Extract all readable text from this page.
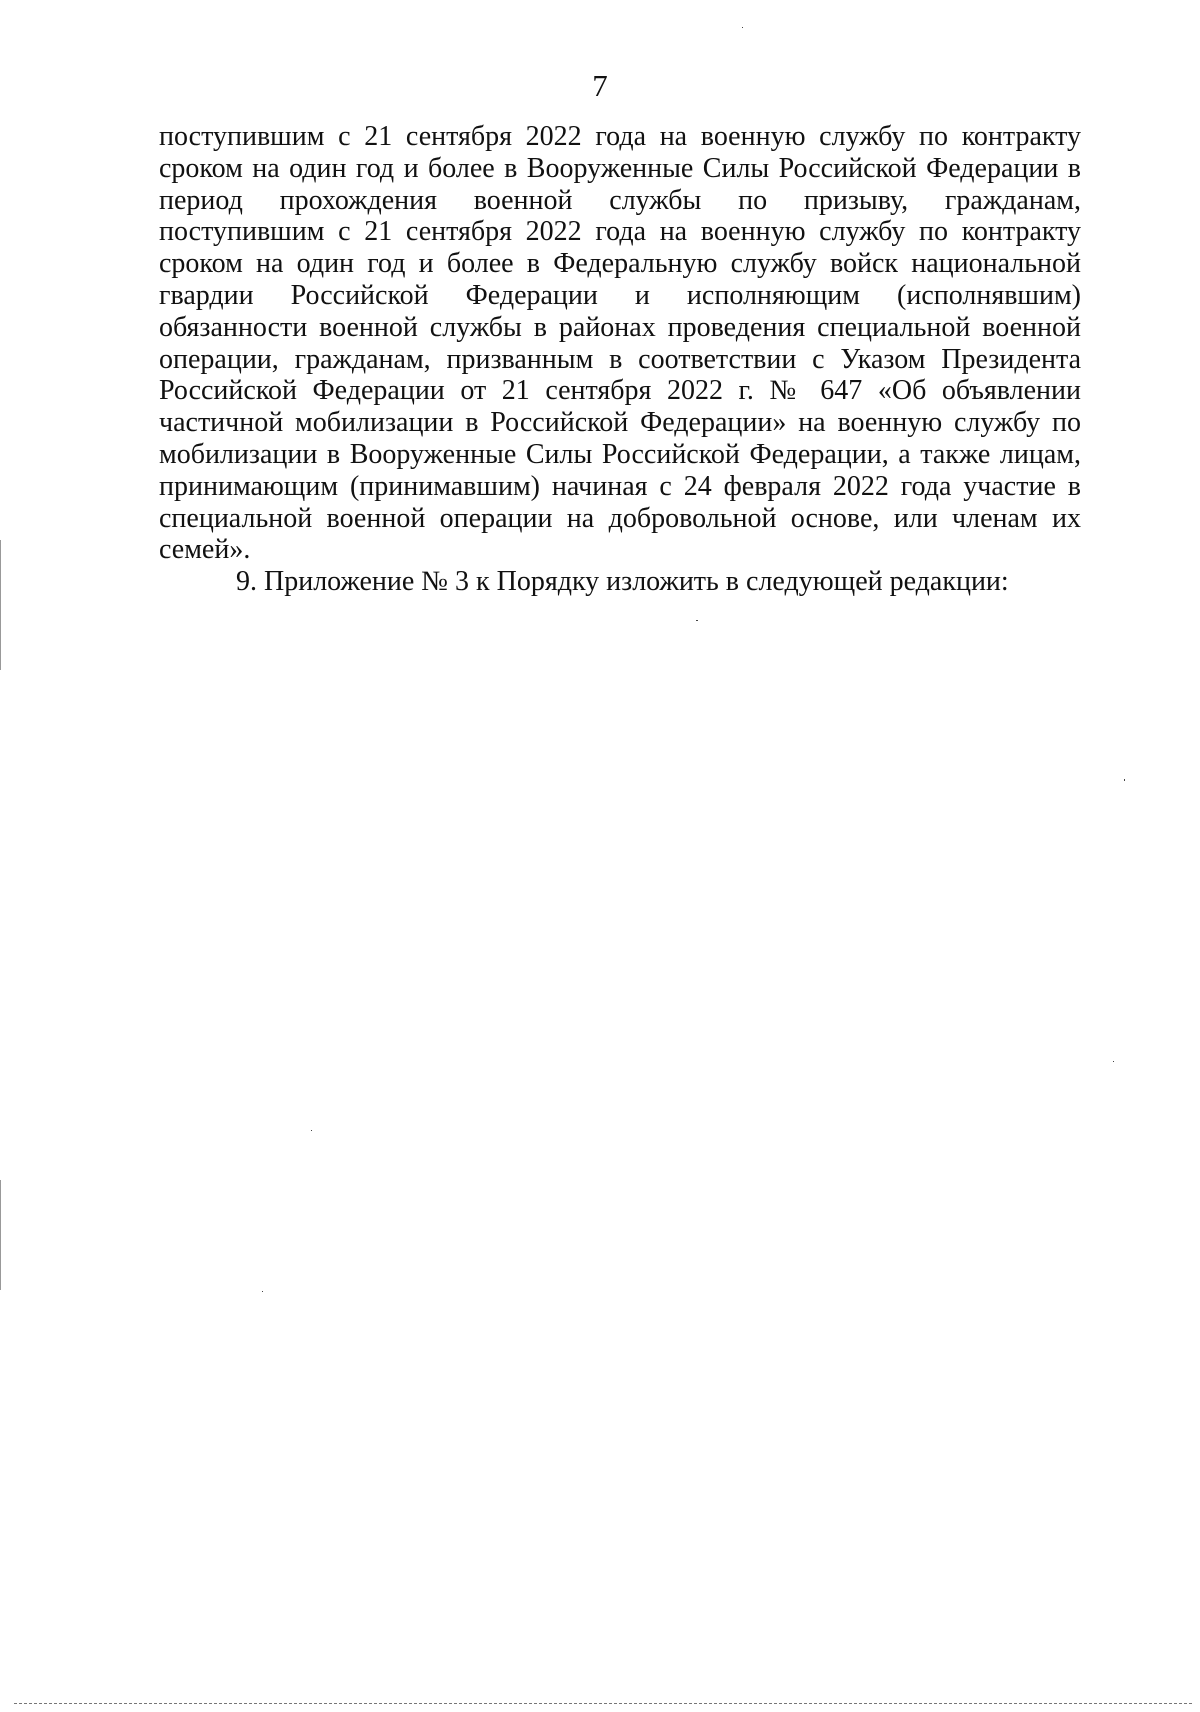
7
поступившим с 21 сентября 2022 года на военную службу по контракту
сроком на один год и более в Вооруженные Силы Российской Федерации в
период прохождения военной службы по призыву, гражданам,
поступившим с 21 сентября 2022 года на военную службу по контракту
сроком на один год и более в Федеральную службу войск национальной
гвардии Российской Федерации и исполняющим (исполнявшим)
обязанности военной службы в районах проведения специальной военной
операции, гражданам, призванным в соответствии с Указом Президента
Российской Федерации от 21 сентября 2022 г. № 647 «Об объявлении
частичной мобилизации в Российской Федерации» на военную службу по
мобилизации в Вооруженные Силы Российской Федерации, а также лицам,
принимающим (принимавшим) начиная с 24 февраля 2022 года участие в
специальной военной операции на добровольной основе, или членам их
семей».
9. Приложение № 3 к Порядку изложить в следующей редакции:
